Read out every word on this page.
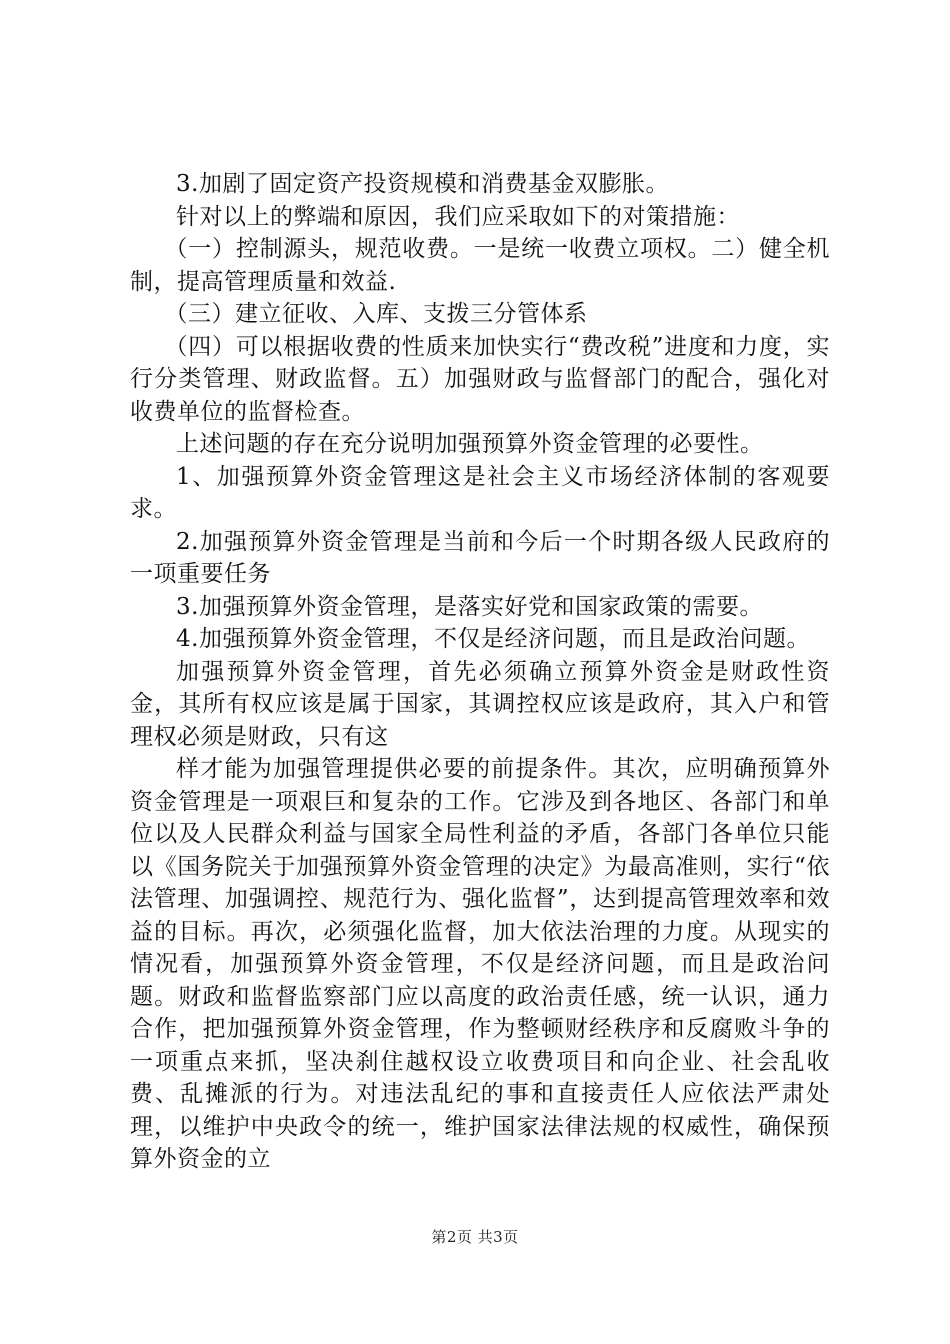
3.加剧了固定资产投资规模和消费基金双膨胀。

针对以上的弊端和原因，我们应采取如下的对策措施：

（一）控制源头，规范收费。一是统一收费立项权。二）健全机制，提高管理质量和效益.

（三）建立征收、入库、支拨三分管体系

（四）可以根据收费的性质来加快实行“费改税”进度和力度，实行分类管理、财政监督。五）加强财政与监督部门的配合，强化对收费单位的监督检查。

上述问题的存在充分说明加强预算外资金管理的必要性。

1、加强预算外资金管理这是社会主义市场经济体制的客观要求。

2.加强预算外资金管理是当前和今后一个时期各级人民政府的一项重要任务

3.加强预算外资金管理，是落实好党和国家政策的需要。

4.加强预算外资金管理，不仅是经济问题，而且是政治问题。

加强预算外资金管理，首先必须确立预算外资金是财政性资金，其所有权应该是属于国家，其调控权应该是政府，其入户和管理权必须是财政，只有这

样才能为加强管理提供必要的前提条件。其次，应明确预算外资金管理是一项艰巨和复杂的工作。它涉及到各地区、各部门和单位以及人民群众利益与国家全局性利益的矛盾，各部门各单位只能以《国务院关于加强预算外资金管理的决定》为最高准则，实行“依法管理、加强调控、规范行为、强化监督”，达到提高管理效率和效益的目标。再次，必须强化监督，加大依法治理的力度。从现实的情况看，加强预算外资金管理，不仅是经济问题，而且是政治问题。财政和监督监察部门应以高度的政治责任感，统一认识，通力合作，把加强预算外资金管理，作为整顿财经秩序和反腐败斗争的一项重点来抓，坚决刹住越权设立收费项目和向企业、社会乱收费、乱摊派的行为。对违法乱纪的事和直接责任人应依法严肃处理，以维护中央政令的统一，维护国家法律法规的权威性，确保预算外资金的立

第2页 共3页
